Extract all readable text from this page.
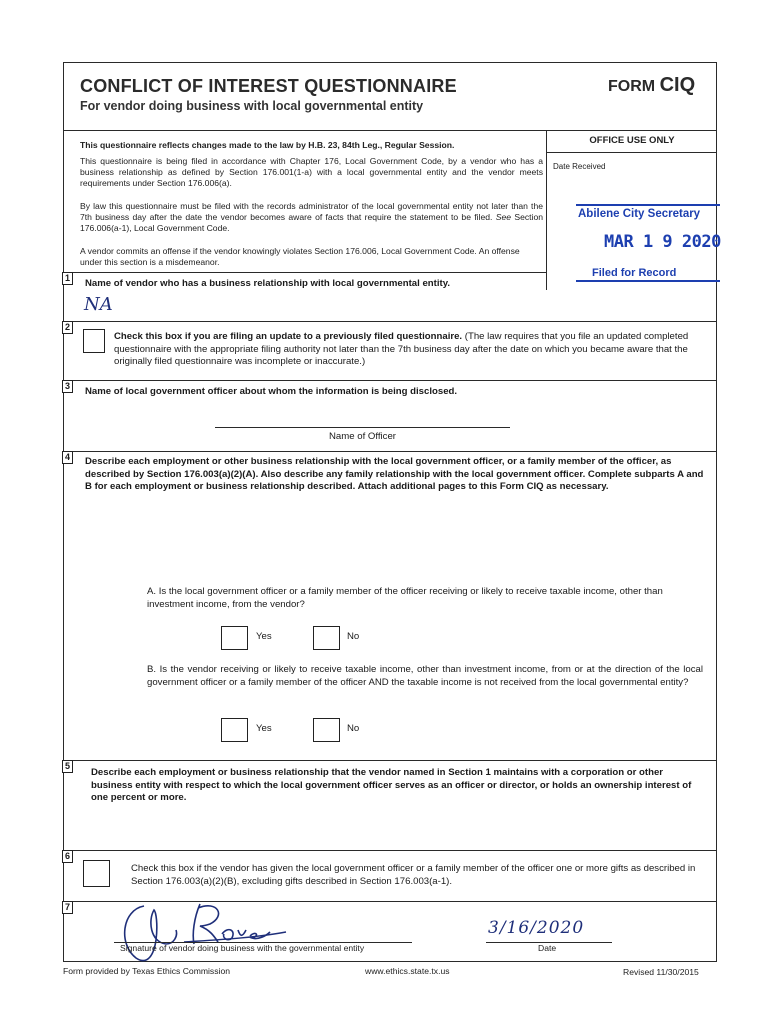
CONFLICT OF INTEREST QUESTIONNAIRE	FORM CIQ
For vendor doing business with local governmental entity
This questionnaire reflects changes made to the law by H.B. 23, 84th Leg., Regular Session.
This questionnaire is being filed in accordance with Chapter 176, Local Government Code, by a vendor who has a business relationship as defined by Section 176.001(1-a) with a local governmental entity and the vendor meets requirements under Section 176.006(a).
By law this questionnaire must be filed with the records administrator of the local governmental entity not later than the 7th business day after the date the vendor becomes aware of facts that require the statement to be filed. See Section 176.006(a-1), Local Government Code.
A vendor commits an offense if the vendor knowingly violates Section 176.006, Local Government Code. An offense under this section is a misdemeanor.
OFFICE USE ONLY
Date Received
Abilene City Secretary
MAR 1 9 2020
Filed for Record
1	Name of vendor who has a business relationship with local governmental entity.
NA
2
Check this box if you are filing an update to a previously filed questionnaire. (The law requires that you file an updated completed questionnaire with the appropriate filing authority not later than the 7th business day after the date on which you became aware that the originally filed questionnaire was incomplete or inaccurate.)
3	Name of local government officer about whom the information is being disclosed.
Name of Officer
4	Describe each employment or other business relationship with the local government officer, or a family member of the officer, as described by Section 176.003(a)(2)(A). Also describe any family relationship with the local government officer. Complete subparts A and B for each employment or business relationship described. Attach additional pages to this Form CIQ as necessary.
A. Is the local government officer or a family member of the officer receiving or likely to receive taxable income, other than investment income, from the vendor?
Yes	No
B. Is the vendor receiving or likely to receive taxable income, other than investment income, from or at the direction of the local government officer or a family member of the officer AND the taxable income is not received from the local governmental entity?
Yes	No
5
Describe each employment or business relationship that the vendor named in Section 1 maintains with a corporation or other business entity with respect to which the local government officer serves as an officer or director, or holds an ownership interest of one percent or more.
6
Check this box if the vendor has given the local government officer or a family member of the officer one or more gifts as described in Section 176.003(a)(2)(B), excluding gifts described in Section 176.003(a-1).
7
Signature of vendor doing business with the governmental entity
3/16/2020
Date
Form provided by Texas Ethics Commission	www.ethics.state.tx.us	Revised 11/30/2015
